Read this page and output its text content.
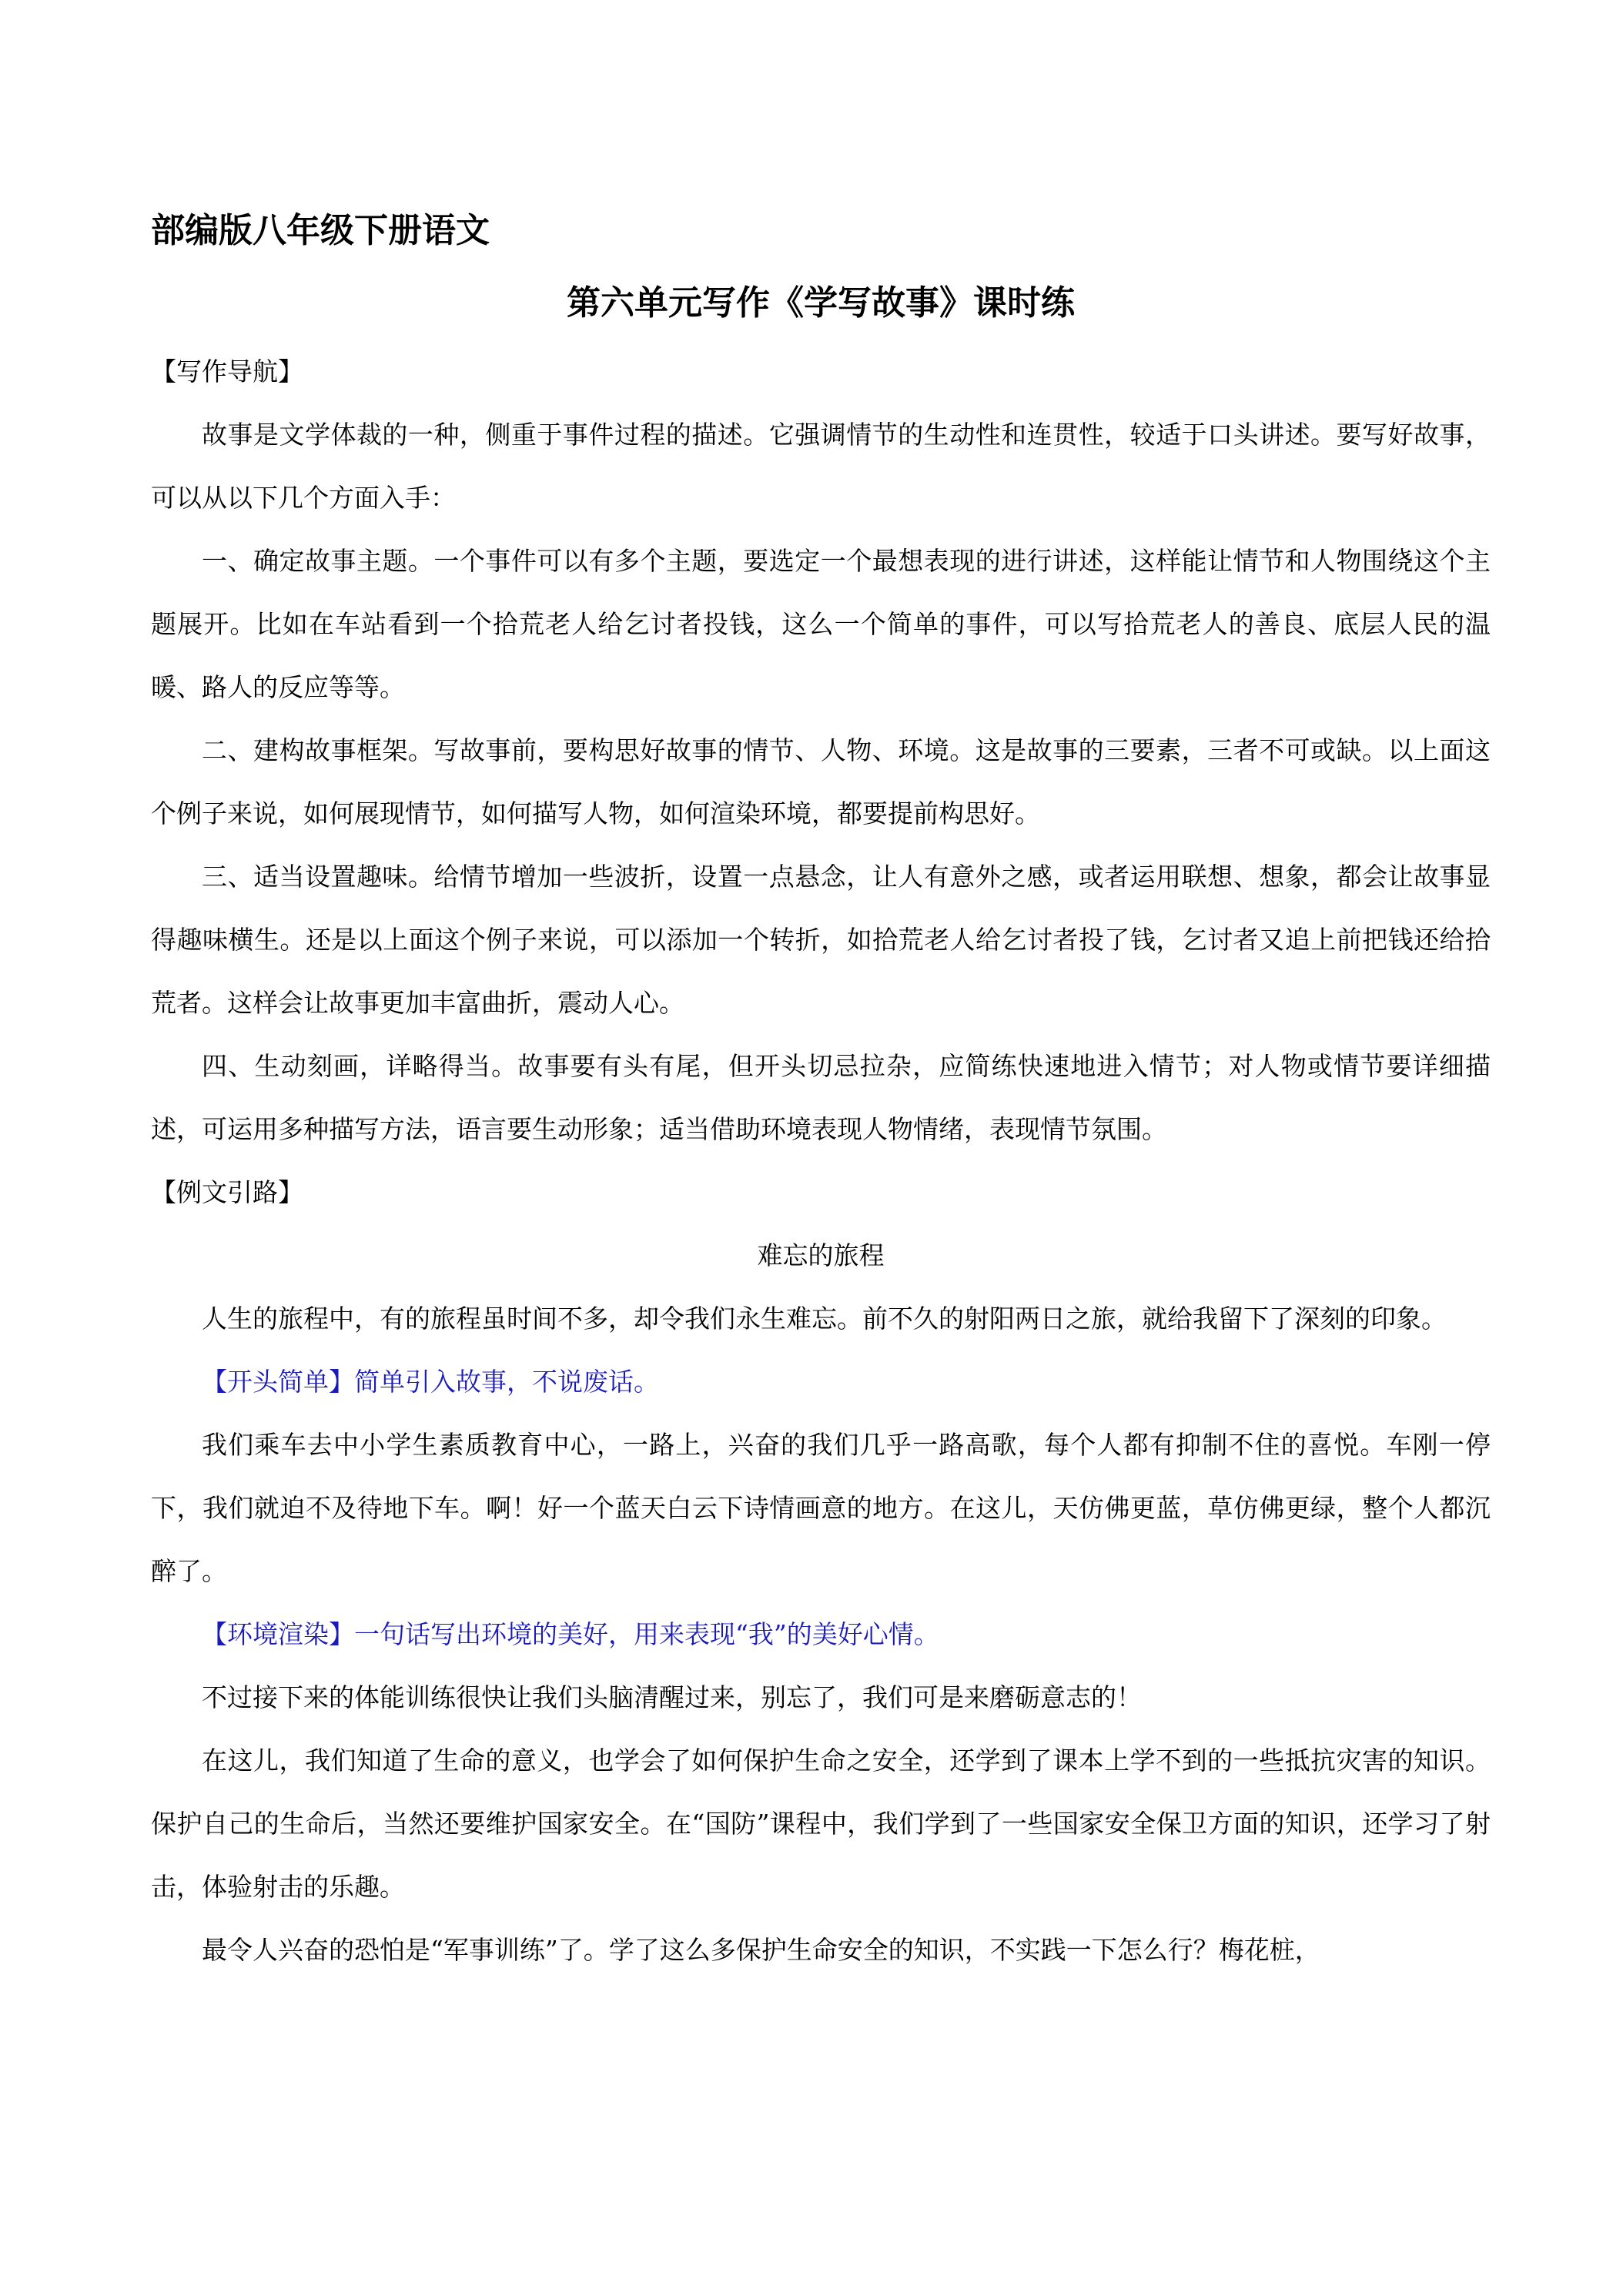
部编版八年级下册语文
第六单元写作《学写故事》课时练
【写作导航】
故事是文学体裁的一种，侧重于事件过程的描述。它强调情节的生动性和连贯性，较适于口头讲述。要写好故事，可以从以下几个方面入手：
一、确定故事主题。一个事件可以有多个主题，要选定一个最想表现的进行讲述，这样能让情节和人物围绕这个主题展开。比如在车站看到一个拾荒老人给乞讨者投钱，这么一个简单的事件，可以写拾荒老人的善良、底层人民的温暖、路人的反应等等。
二、建构故事框架。写故事前，要构思好故事的情节、人物、环境。这是故事的三要素，三者不可或缺。以上面这个例子来说，如何展现情节，如何描写人物，如何渲染环境，都要提前构思好。
三、适当设置趣味。给情节增加一些波折，设置一点悬念，让人有意外之感，或者运用联想、想象，都会让故事显得趣味横生。还是以上面这个例子来说，可以添加一个转折，如拾荒老人给乞讨者投了钱，乞讨者又追上前把钱还给拾荒者。这样会让故事更加丰富曲折，震动人心。
四、生动刻画，详略得当。故事要有头有尾，但开头切忌拉杂，应简练快速地进入情节；对人物或情节要详细描述，可运用多种描写方法，语言要生动形象；适当借助环境表现人物情绪，表现情节氛围。
【例文引路】
难忘的旅程
人生的旅程中，有的旅程虽时间不多，却令我们永生难忘。前不久的射阳两日之旅，就给我留下了深刻的印象。
【开头简单】简单引入故事，不说废话。
我们乘车去中小学生素质教育中心，一路上，兴奋的我们几乎一路高歌，每个人都有抑制不住的喜悦。车刚一停下，我们就迫不及待地下车。啊！好一个蓝天白云下诗情画意的地方。在这儿，天仿佛更蓝，草仿佛更绿，整个人都沉醉了。
【环境渲染】一句话写出环境的美好，用来表现“我”的美好心情。
不过接下来的体能训练很快让我们头脑清醒过来，别忘了，我们可是来磨砺意志的！
在这儿，我们知道了生命的意义，也学会了如何保护生命之安全，还学到了课本上学不到的一些抵抗灾害的知识。保护自己的生命后，当然还要维护国家安全。在“国防”课程中，我们学到了一些国家安全保卫方面的知识，还学习了射击，体验射击的乐趣。
最令人兴奋的恐怕是“军事训练”了。学了这么多保护生命安全的知识，不实践一下怎么行？梅花桩，
